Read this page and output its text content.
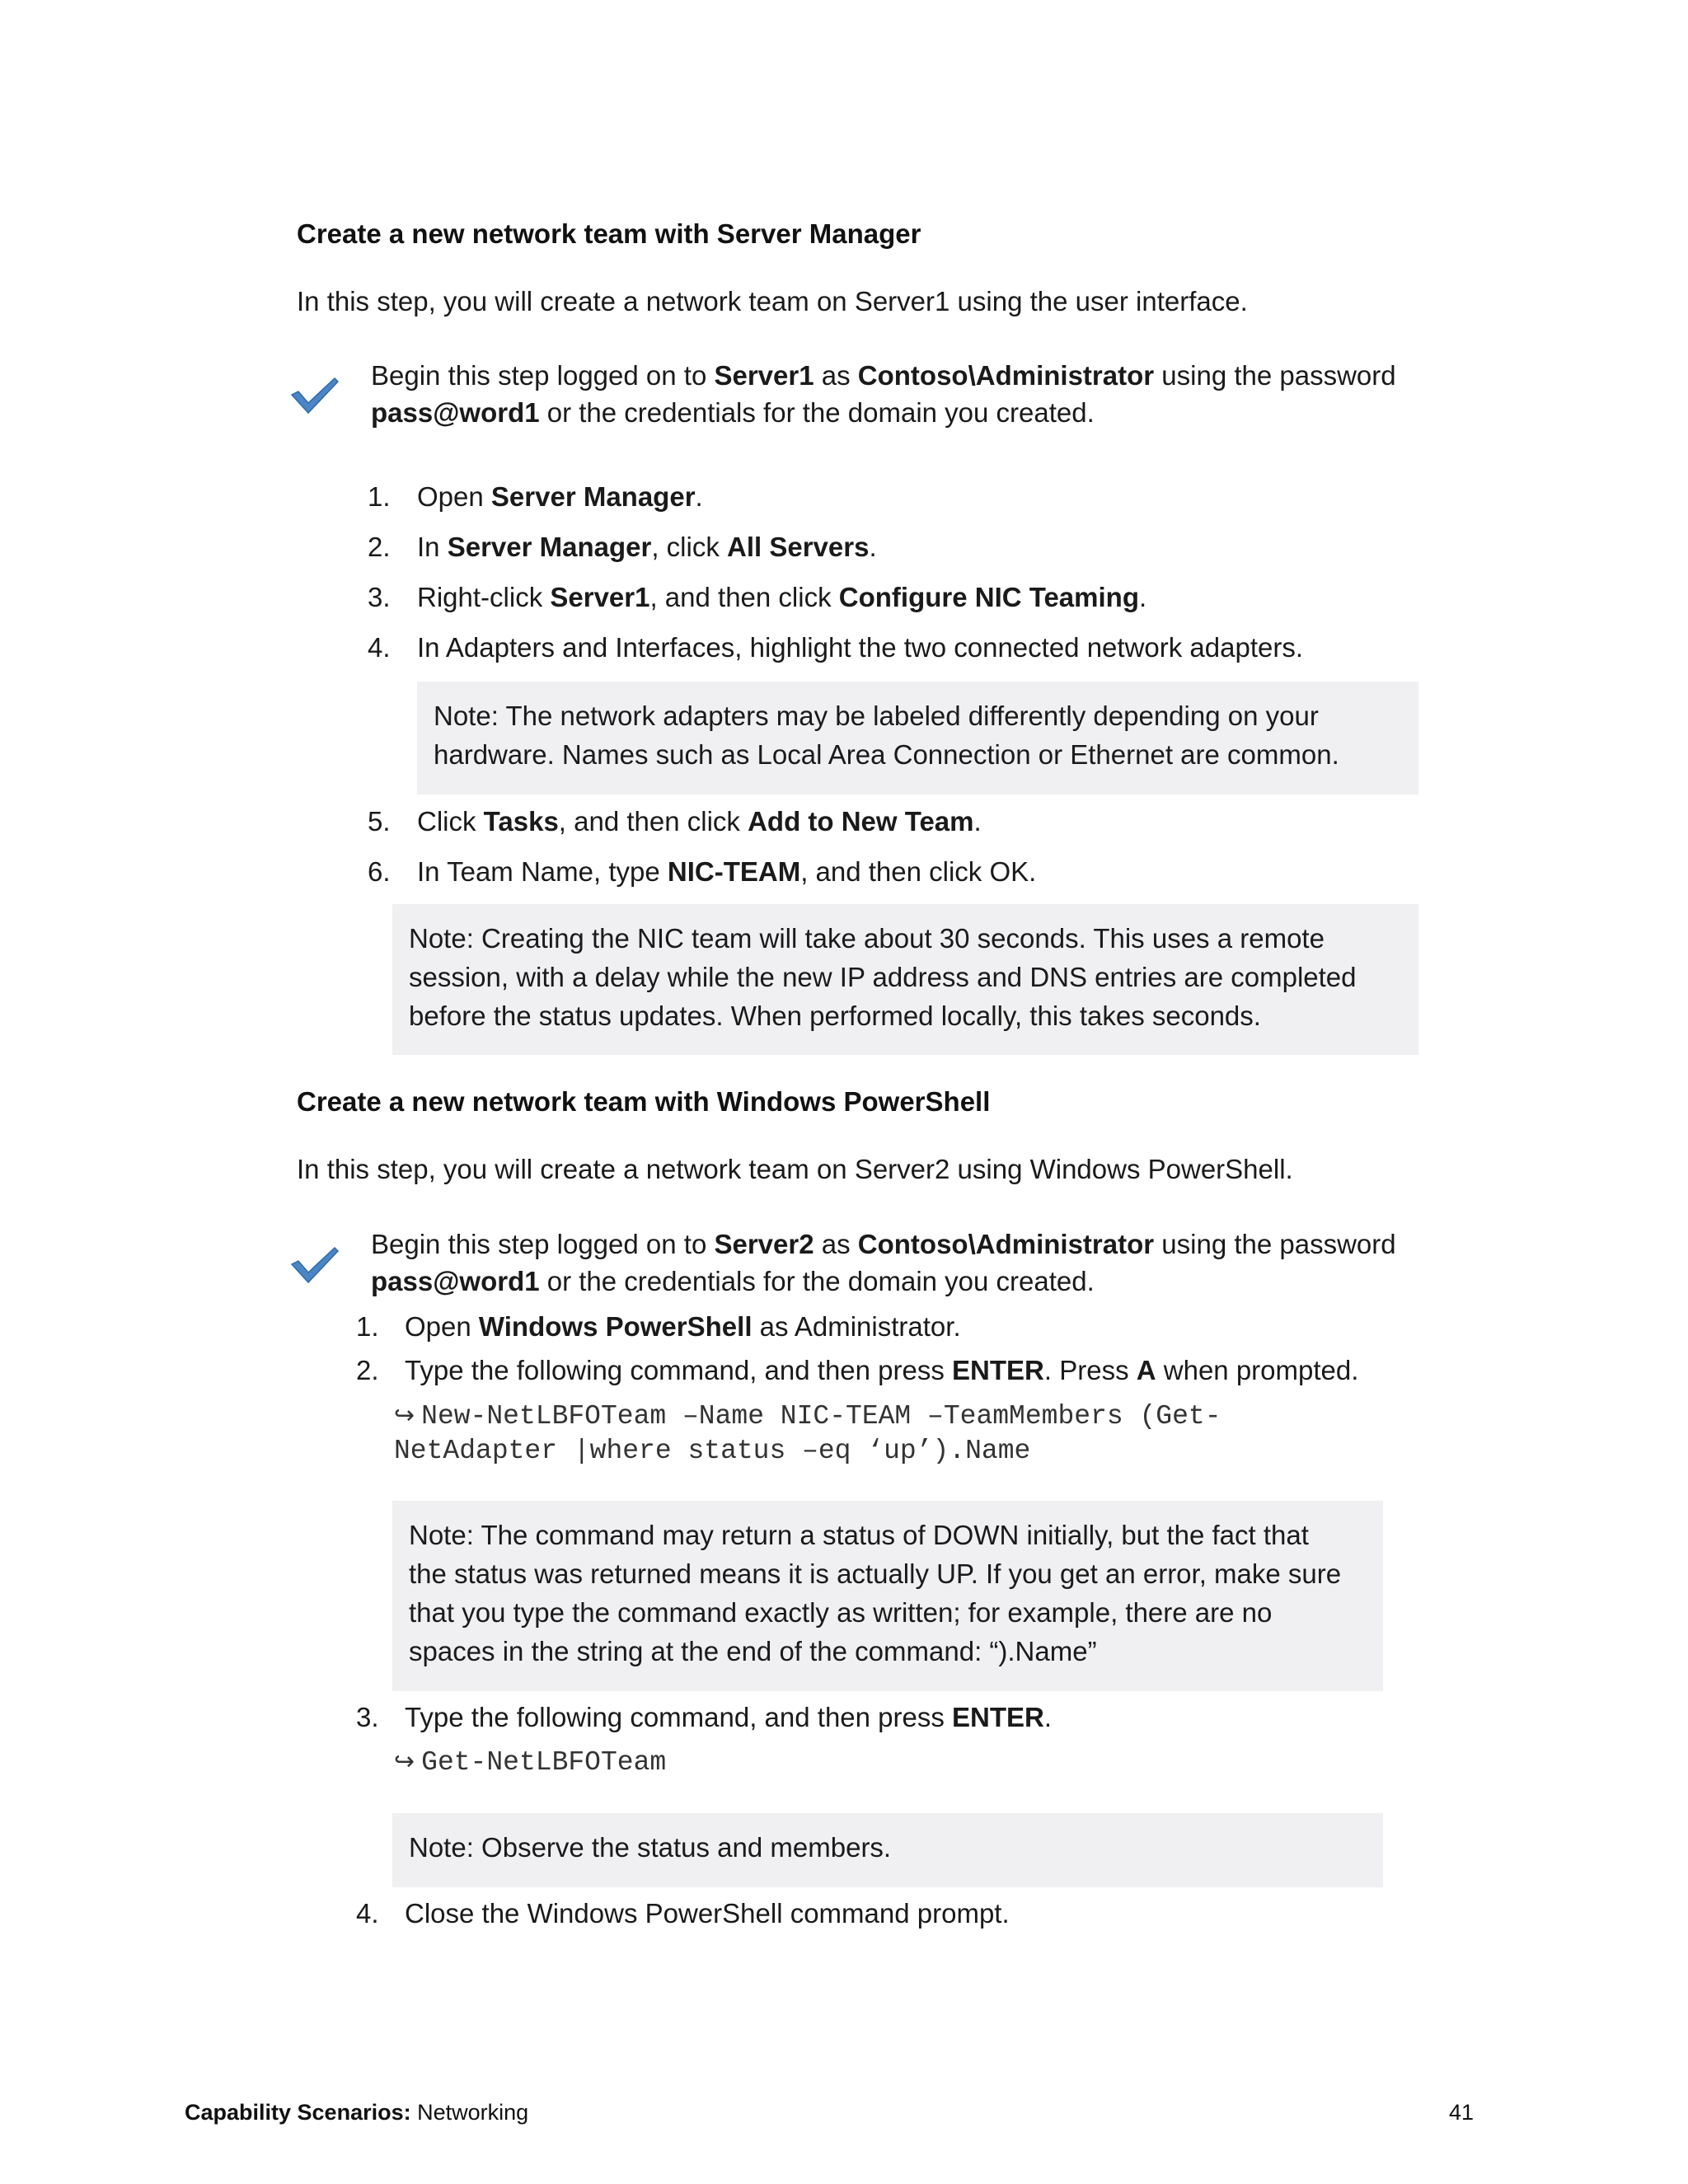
Create a new network team with Server Manager
In this step, you will create a network team on Server1 using the user interface.
Begin this step logged on to Server1 as Contoso\Administrator using the password
pass@word1 or the credentials for the domain you created.
1. Open Server Manager.
2. In Server Manager, click All Servers.
3. Right-click Server1, and then click Configure NIC Teaming.
4. In Adapters and Interfaces, highlight the two connected network adapters.
Note: The network adapters may be labeled differently depending on your
hardware. Names such as Local Area Connection or Ethernet are common.
5. Click Tasks, and then click Add to New Team.
6. In Team Name, type NIC-TEAM, and then click OK.
Note: Creating the NIC team will take about 30 seconds. This uses a remote
session, with a delay while the new IP address and DNS entries are completed
before the status updates. When performed locally, this takes seconds.
Create a new network team with Windows PowerShell
In this step, you will create a network team on Server2 using Windows PowerShell.
Begin this step logged on to Server2 as Contoso\Administrator using the password
pass@word1 or the credentials for the domain you created.
1. Open Windows PowerShell as Administrator.
2. Type the following command, and then press ENTER. Press A when prompted.
↪ New-NetLBFOTeam –Name NIC-TEAM –TeamMembers (Get-
NetAdapter |where status –eq ‘up’).Name
Note: The command may return a status of DOWN initially, but the fact that
the status was returned means it is actually UP. If you get an error, make sure
that you type the command exactly as written; for example, there are no
spaces in the string at the end of the command: “).Name”
3. Type the following command, and then press ENTER.
↪ Get-NetLBFOTeam
Note: Observe the status and members.
4. Close the Windows PowerShell command prompt.
Capability Scenarios: Networking	41
